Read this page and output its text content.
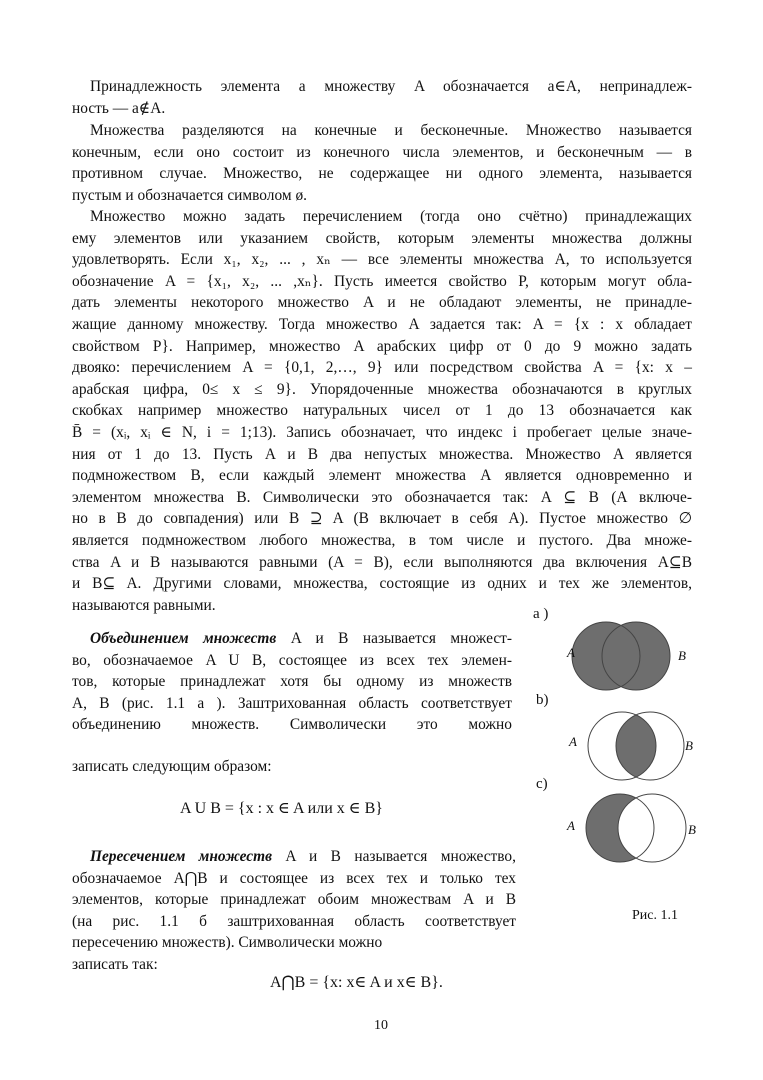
Принадлежность элемента a множеству A обозначается a∈A, непринадлеж-
ность — a∉A.
Множества разделяются на конечные и бесконечные. Множество называется
конечным, если оно состоит из конечного числа элементов, и бесконечным — в
противном случае. Множество, не содержащее ни одного элемента, называется
пустым и обозначается символом ø.
Множество можно задать перечислением (тогда оно счётно) принадлежащих
ему элементов или указанием свойств, которым элементы множества должны
удовлетворять. Если x₁, x₂, ... , xₙ — все элементы множества A, то используется
обозначение A = {x₁, x₂, ... ,xₙ}. Пусть имеется свойство P, которым могут обла-
дать элементы некоторого множество A и не обладают элементы, не принадле-
жащие данному множеству. Тогда множество A задается так: A = {x : x обладает
свойством P}. Например, множество A арабских цифр от 0 до 9 можно задать
двояко: перечислением A = {0,1, 2,…, 9} или посредством свойства A = {x: x –
арабская цифра, 0≤ x ≤ 9}. Упорядоченные множества обозначаются в круглых
скобках например множество натуральных чисел от 1 до 13 обозначается как
B̄ = (xᵢ, xᵢ ∈ N, i = 1;13). Запись обозначает, что индекс i пробегает целые значе-
ния от 1 до 13. Пусть A и B два непустых множества. Множество A является
подмножеством B, если каждый элемент множества A является одновременно и
элементом множества B. Символически это обозначается так: A ⊆ B (A включе-
но в B до совпадения) или B ⊇ A (B включает в себя A). Пустое множество ∅
является подмножеством любого множества, в том числе и пустого. Два множе-
ства A и B называются равными (A = B), если выполняются два включения A⊆B
и B⊆ A. Другими словами, множества, состоящие из одних и тех же элементов,
называются равными.
Объединением множеств A и B называется множест-
во, обозначаемое A U B, состоящее из всех тех элемен-
тов, которые принадлежат хотя бы одному из множеств
A, B (рис. 1.1 a ). Заштрихованная область соответствует
объединению множеств. Символически это можно
записать следующим образом:
A U B = {x : x ∈ A или x ∈ B}
Пересечением множеств A и B называется множество,
обозначаемое A⋂B и состоящее из всех тех и только тех
элементов, которые принадлежат обоим множествам A и B
(на рис. 1.1 б заштрихованная область соответствует
пересечению множеств). Символически можно
записать так:
A⋂B = {x: x∈ A и x∈ B}.
a )
A	B
b)
A	B
c)
A	B
Рис. 1.1
10
